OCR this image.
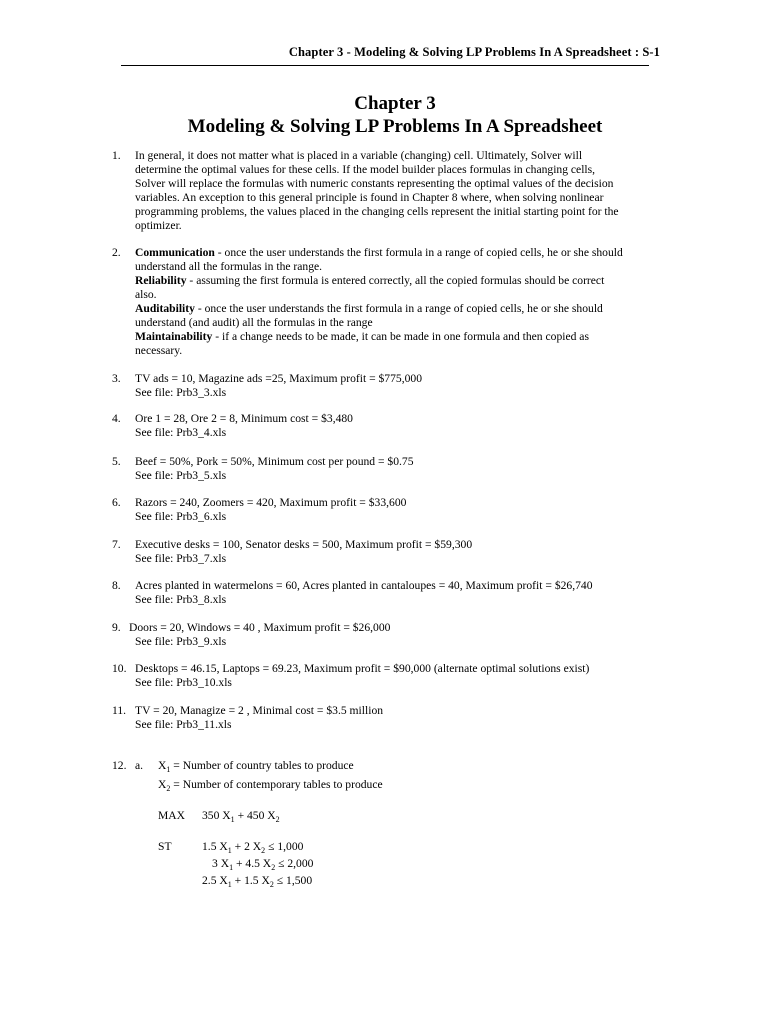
Chapter 3 - Modeling & Solving LP Problems In A Spreadsheet : S-1
Chapter 3
Modeling & Solving LP Problems In A Spreadsheet
1. In general, it does not matter what is placed in a variable (changing) cell. Ultimately, Solver will
determine the optimal values for these cells. If the model builder places formulas in changing cells,
Solver will replace the formulas with numeric constants representing the optimal values of the decision
variables. An exception to this general principle is found in Chapter 8 where, when solving nonlinear
programming problems, the values placed in the changing cells represent the initial starting point for the
optimizer.
2. Communication - once the user understands the first formula in a range of copied cells, he or she should
understand all the formulas in the range.
Reliability - assuming the first formula is entered correctly, all the copied formulas should be correct
also.
Auditability - once the user understands the first formula in a range of copied cells, he or she should
understand (and audit) all the formulas in the range
Maintainability - if a change needs to be made, it can be made in one formula and then copied as
necessary.
3. TV ads = 10, Magazine ads =25, Maximum profit = $775,000
See file: Prb3_3.xls
4. Ore 1 = 28, Ore 2 = 8, Minimum cost = $3,480
See file: Prb3_4.xls
5. Beef = 50%, Pork = 50%, Minimum cost per pound = $0.75
See file: Prb3_5.xls
6. Razors = 240, Zoomers = 420, Maximum profit = $33,600
See file: Prb3_6.xls
7. Executive desks = 100, Senator desks = 500, Maximum profit = $59,300
See file: Prb3_7.xls
8. Acres planted in watermelons = 60, Acres planted in cantaloupes = 40, Maximum profit = $26,740
See file: Prb3_8.xls
9. Doors = 20, Windows = 40 , Maximum profit = $26,000
See file: Prb3_9.xls
10. Desktops = 46.15, Laptops = 69.23, Maximum profit = $90,000 (alternate optimal solutions exist)
See file: Prb3_10.xls
11. TV = 20, Managize = 2 , Minimal cost = $3.5 million
See file: Prb3_11.xls
12. a. $X_1$ = Number of country tables to produce
$X_2$ = Number of contemporary tables to produce
MAX 350 $X_1 + 450$ $X_2$
ST	1.5 $X_1 + 2$ $X_2 \le 1,000$
3 $X_1 + 4.5$ $X_2 \le 2,000$
2.5 $X_1 + 1.5$ $X_2 \le 1,500$
